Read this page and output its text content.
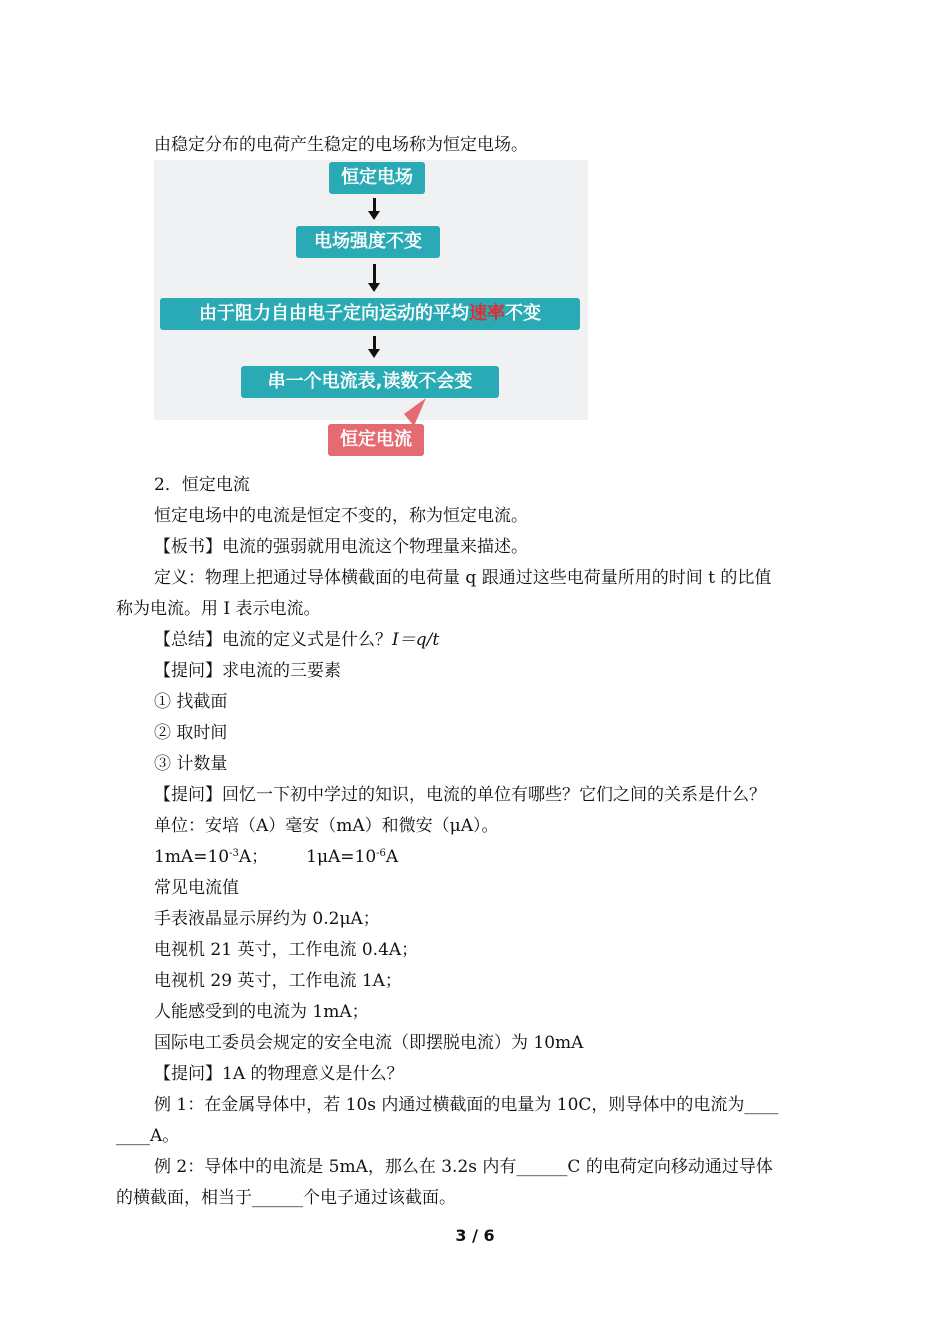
由稳定分布的电荷产生稳定的电场称为恒定电场。
恒定电场
电场强度不变
由于阻力自由电子定向运动的平均速率不变
串一个电流表,读数不会变
恒定电流
2．恒定电流
恒定电场中的电流是恒定不变的，称为恒定电流。
【板书】电流的强弱就用电流这个物理量来描述。
定义：物理上把通过导体横截面的电荷量 q 跟通过这些电荷量所用的时间 t 的比值
称为电流。用 I 表示电流。
【总结】电流的定义式是什么？I＝q/t
【提问】求电流的三要素
① 找截面
② 取时间
③ 计数量
【提问】回忆一下初中学过的知识，电流的单位有哪些？它们之间的关系是什么？
单位：安培（A）毫安（mA）和微安（μA）。
$1mA=10^{-3}A$； $1\mu A=10^{-6}A$
常见电流值
手表液晶显示屏约为 0.2μA；
电视机 21 英寸，工作电流 0.4A；
电视机 29 英寸，工作电流 1A；
人能感受到的电流为 1mA；
国际电工委员会规定的安全电流（即摆脱电流）为 10mA
【提问】1A 的物理意义是什么？
例 1：在金属导体中，若 10s 内通过横截面的电量为 10C，则导体中的电流为____
____A。
例 2：导体中的电流是 5mA，那么在 3.2s 内有______C 的电荷定向移动通过导体
的横截面，相当于______个电子通过该截面。
3 / 6
